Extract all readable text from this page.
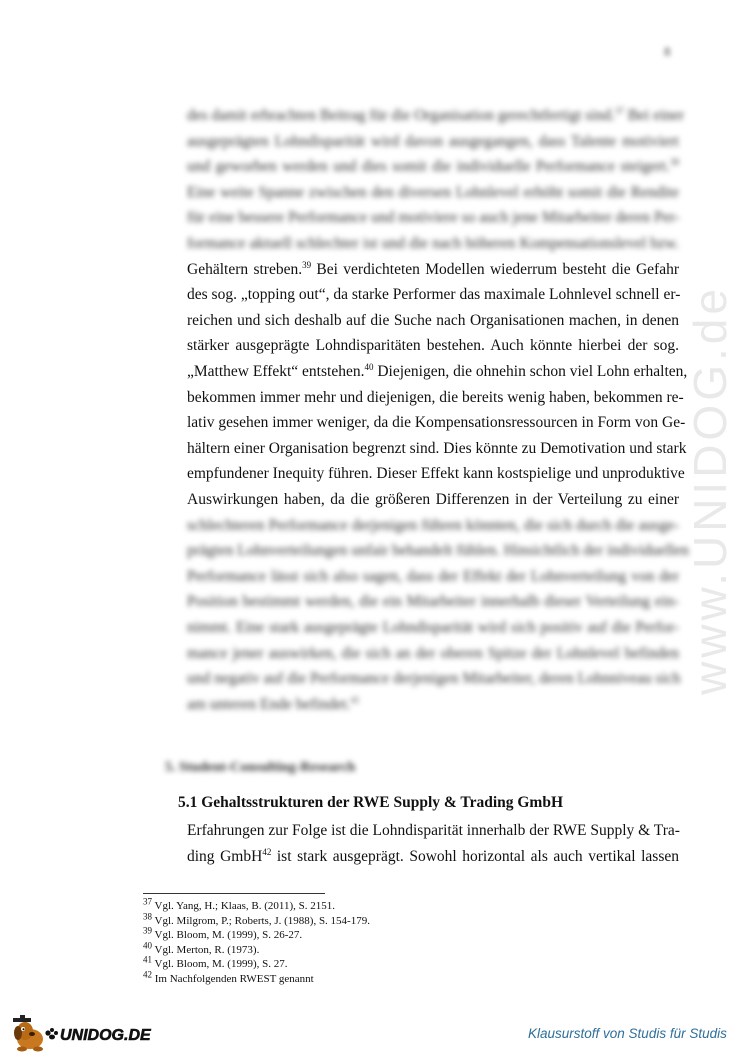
www.UNIDOG.de
8
des damit erbrachten Beitrag für die Organisation gerechtfertigt sind.$^{37}$ Bei einer
ausgeprägten Lohndisparität wird davon ausgegangen, dass Talente motiviert
und geworben werden und dies somit die individuelle Performance steigert.$^{38}$
Eine weite Spanne zwischen den diversen Lohnlevel erhöht somit die Rendite
für eine bessere Performance und motiviere so auch jene Mitarbeiter deren Per-
formance aktuell schlechter ist und die nach höheren Kompensationslevel bzw.
Gehältern streben.$^{39}$ Bei verdichteten Modellen wiederrum besteht die Gefahr
des sog. „topping out“, da starke Performer das maximale Lohnlevel schnell er-
reichen und sich deshalb auf die Suche nach Organisationen machen, in denen
stärker ausgeprägte Lohndisparitäten bestehen. Auch könnte hierbei der sog.
„Matthew Effekt“ entstehen.$^{40}$ Diejenigen, die ohnehin schon viel Lohn erhalten,
bekommen immer mehr und diejenigen, die bereits wenig haben, bekommen re-
lativ gesehen immer weniger, da die Kompensationsressourcen in Form von Ge-
hältern einer Organisation begrenzt sind. Dies könnte zu Demotivation und stark
empfundener Inequity führen. Dieser Effekt kann kostspielige und unproduktive
Auswirkungen haben, da die größeren Differenzen in der Verteilung zu einer
schlechteren Performance derjenigen führen könnten, die sich durch die ausge-
prägten Lohnverteilungen unfair behandelt fühlen. Hinsichtlich der individuellen
Performance lässt sich also sagen, dass der Effekt der Lohnverteilung von der
Position bestimmt werden, die ein Mitarbeiter innerhalb dieser Verteilung ein-
nimmt. Eine stark ausgeprägte Lohndisparität wird sich positiv auf die Perfor-
mance jener auswirken, die sich an der oberen Spitze der Lohnlevel befinden
und negativ auf die Performance derjenigen Mitarbeiter, deren Lohnniveau sich
am unteren Ende befindet.$^{41}$
5. Student-Consulting-Research
5.1 Gehaltsstrukturen der RWE Supply & Trading GmbH
Erfahrungen zur Folge ist die Lohndisparität innerhalb der RWE Supply & Tra-
ding GmbH$^{42}$ ist stark ausgeprägt. Sowohl horizontal als auch vertikal lassen
$^{37}$ Vgl. Yang, H.; Klaas, B. (2011), S. 2151.
$^{38}$ Vgl. Milgrom, P.; Roberts, J. (1988), S. 154-179.
$^{39}$ Vgl. Bloom, M. (1999), S. 26-27.
$^{40}$ Vgl. Merton, R. (1973).
$^{41}$ Vgl. Bloom, M. (1999), S. 27.
$^{42}$ Im Nachfolgenden RWEST genannt
UNIDOG.DE	Klausurstoff von Studis für Studis
